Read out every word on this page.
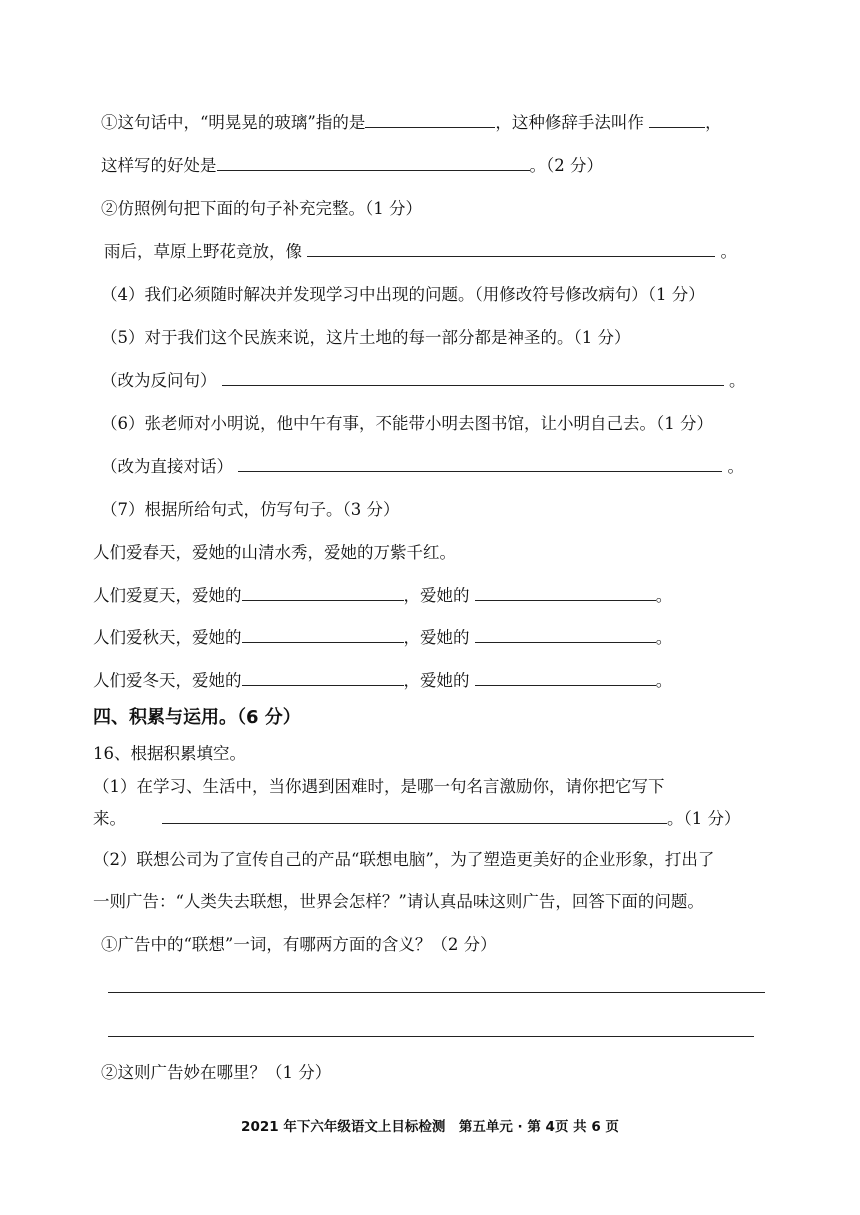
①这句话中，“明晃晃的玻璃”指的是	，这种修辞手法叫作	，
这样写的好处是	。（2 分）
②仿照例句把下面的句子补充完整。（1 分）
雨后，草原上野花竞放，像	。
（4）我们必须随时解决并发现学习中出现的问题。（用修改符号修改病句）（1 分）
（5）对于我们这个民族来说，这片土地的每一部分都是神圣的。（1 分）
（改为反问句）	。
（6）张老师对小明说，他中午有事，不能带小明去图书馆，让小明自己去。（1 分）
（改为直接对话）	。
（7）根据所给句式，仿写句子。（3 分）
人们爱春天，爱她的山清水秀，爱她的万紫千红。
人们爱夏天，爱她的	，爱她的	。
人们爱秋天，爱她的	，爱她的	。
人们爱冬天，爱她的	，爱她的	。
四、积累与运用。（6 分）
16、根据积累填空。
（1）在学习、生活中，当你遇到困难时，是哪一句名言激励你，请你把它写下
来。	。（1 分）
（2）联想公司为了宣传自己的产品“联想电脑”，为了塑造更美好的企业形象，打出了
一则广告：“人类失去联想，世界会怎样？”请认真品味这则广告，回答下面的问题。
①广告中的“联想”一词，有哪两方面的含义？（2 分）
②这则广告妙在哪里？（1 分）
2021 年下六年级语文上目标检测　第五单元 · 第 4页 共 6 页
